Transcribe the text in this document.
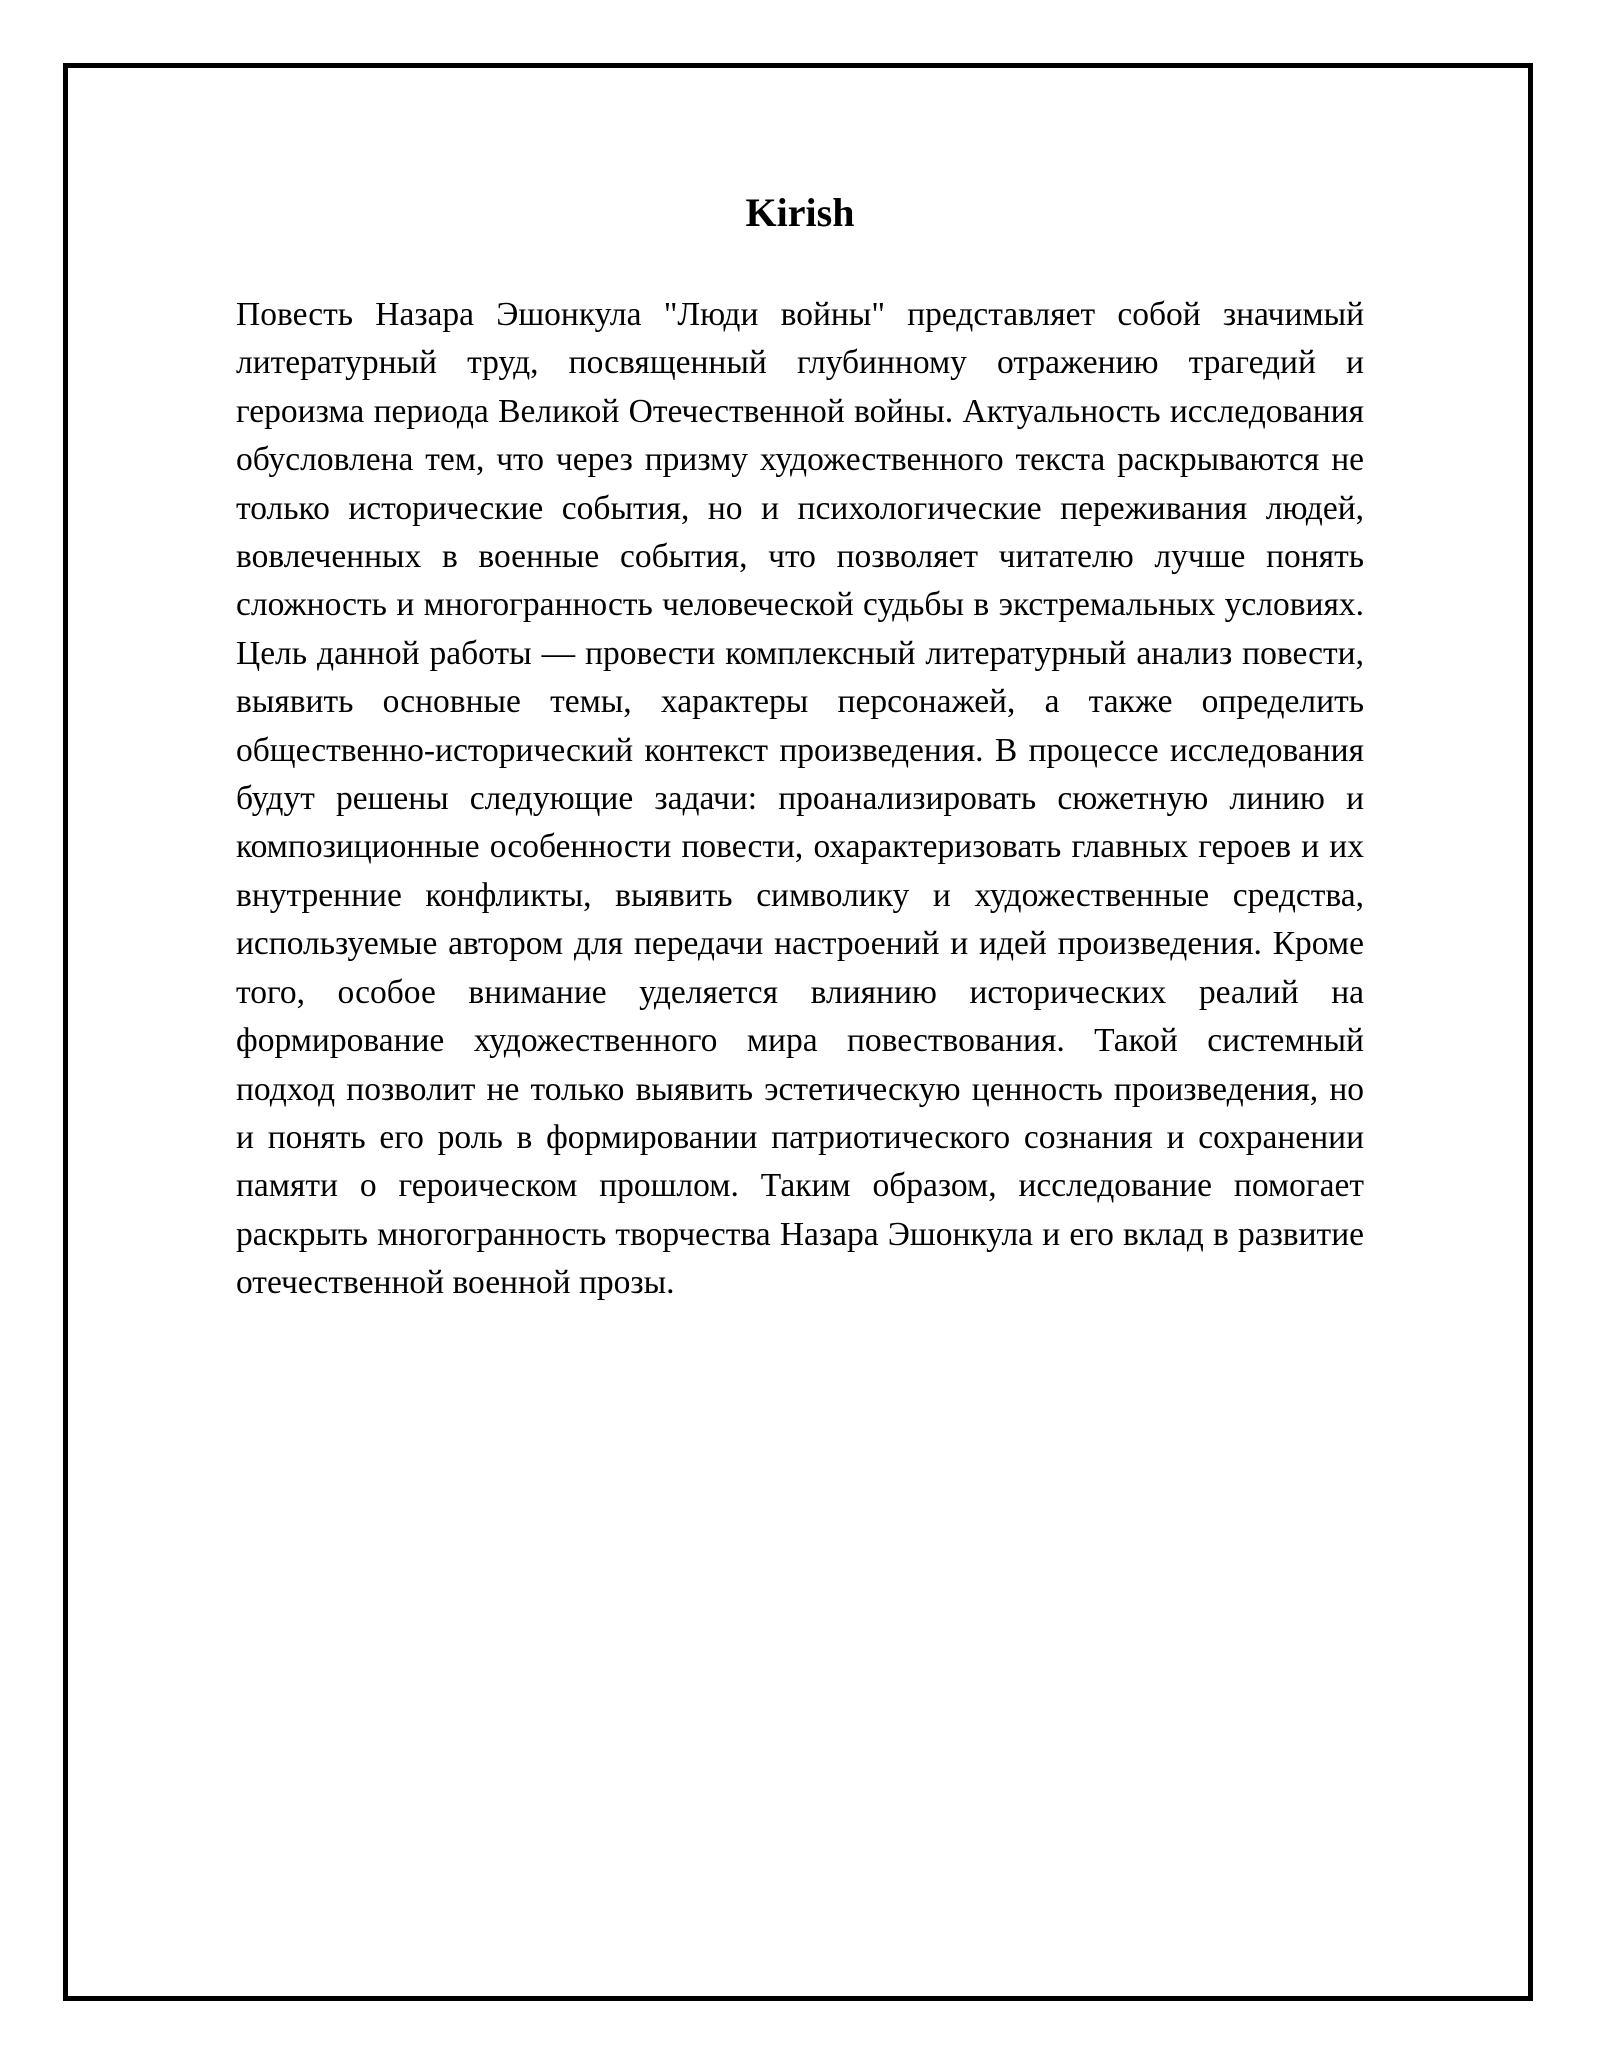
Kirish

Повесть Назара Эшонкула "Люди войны" представляет собой значимый литературный труд, посвященный глубинному отражению трагедий и героизма периода Великой Отечественной войны. Актуальность исследования обусловлена тем, что через призму художественного текста раскрываются не только исторические события, но и психологические переживания людей, вовлеченных в военные события, что позволяет читателю лучше понять сложность и многогранность человеческой судьбы в экстремальных условиях. Цель данной работы — провести комплексный литературный анализ повести, выявить основные темы, характеры персонажей, а также определить общественно-исторический контекст произведения. В процессе исследования будут решены следующие задачи: проанализировать сюжетную линию и композиционные особенности повести, охарактеризовать главных героев и их внутренние конфликты, выявить символику и художественные средства, используемые автором для передачи настроений и идей произведения. Кроме того, особое внимание уделяется влиянию исторических реалий на формирование художественного мира повествования. Такой системный подход позволит не только выявить эстетическую ценность произведения, но и понять его роль в формировании патриотического сознания и сохранении памяти о героическом прошлом. Таким образом, исследование помогает раскрыть многогранность творчества Назара Эшонкула и его вклад в развитие отечественной военной прозы.
